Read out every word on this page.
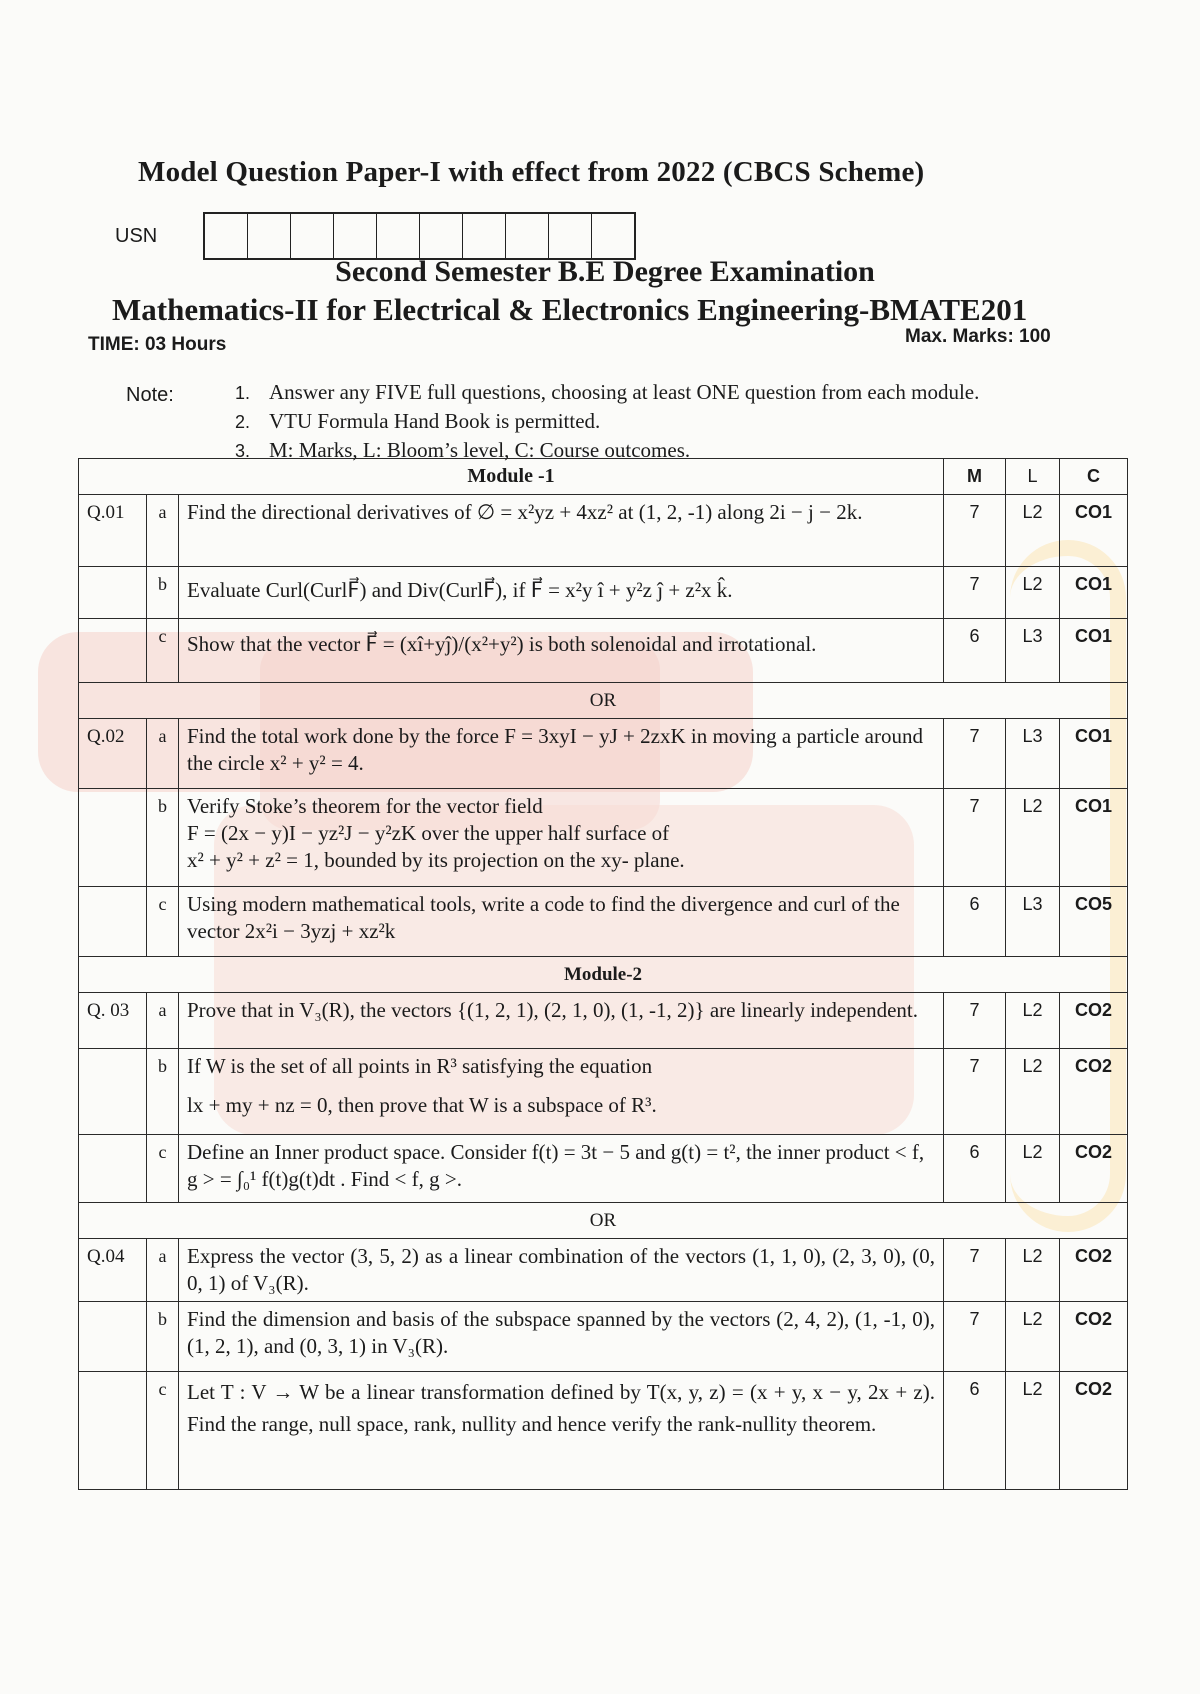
Model Question Paper-I with effect from 2022 (CBCS Scheme)
USN
Second Semester B.E Degree Examination
Mathematics-II for Electrical & Electronics Engineering-BMATE201
TIME: 03 Hours	Max. Marks: 100
Note:	1. Answer any FIVE full questions, choosing at least ONE question from each module.
2. VTU Formula Hand Book is permitted.
3. M: Marks, L: Bloom’s level, C: Course outcomes.
Module -1			M	L	C
Q.01	a	Find the directional derivatives of ∅ = x²yz + 4xz² at (1, 2, -1) along 2i − j − 2k.	7	L2	CO1
	b	Evaluate Curl(CurlF⃗) and Div(CurlF⃗), if F⃗ = x²y î + y²z ĵ + z²x k̂.	7	L2	CO1
	c	Show that the vector F⃗ = (xî+yĵ)/(x²+y²) is both solenoidal and irrotational.	6	L3	CO1
OR					
Q.02	a	Find the total work done by the force F = 3xyI − yJ + 2zxK in moving a particle around the circle x² + y² = 4.	7	L3	CO1
	b	Verify Stoke’s theorem for the vector field
F = (2x − y)I − yz²J − y²zK over the upper half surface of
x² + y² + z² = 1, bounded by its projection on the xy- plane.	7	L2	CO1
	c	Using modern mathematical tools, write a code to find the divergence and curl of the vector 2x²i − 3yzj + xz²k	6	L3	CO5
Module-2					
Q. 03	a	Prove that in V₃(R), the vectors {(1, 2, 1), (2, 1, 0), (1, -1, 2)} are linearly independent.	7	L2	CO2
	b	If W is the set of all points in R³ satisfying the equation
lx + my + nz = 0, then prove that W is a subspace of R³.	7	L2	CO2
	c	Define an Inner product space. Consider f(t) = 3t − 5 and g(t) = t², the inner product < f, g > = ∫₀¹ f(t)g(t)dt . Find < f, g >.	6	L2	CO2
OR					
Q.04	a	Express the vector (3, 5, 2) as a linear combination of the vectors (1, 1, 0), (2, 3, 0), (0, 0, 1) of V₃(R).	7	L2	CO2
	b	Find the dimension and basis of the subspace spanned by the vectors (2, 4, 2), (1, -1, 0), (1, 2, 1), and (0, 3, 1) in V₃(R).	7	L2	CO2
	c	Let T : V → W be a linear transformation defined by T(x, y, z) = (x + y, x − y, 2x + z). Find the range, null space, rank, nullity and hence verify the rank-nullity theorem.	6	L2	CO2
